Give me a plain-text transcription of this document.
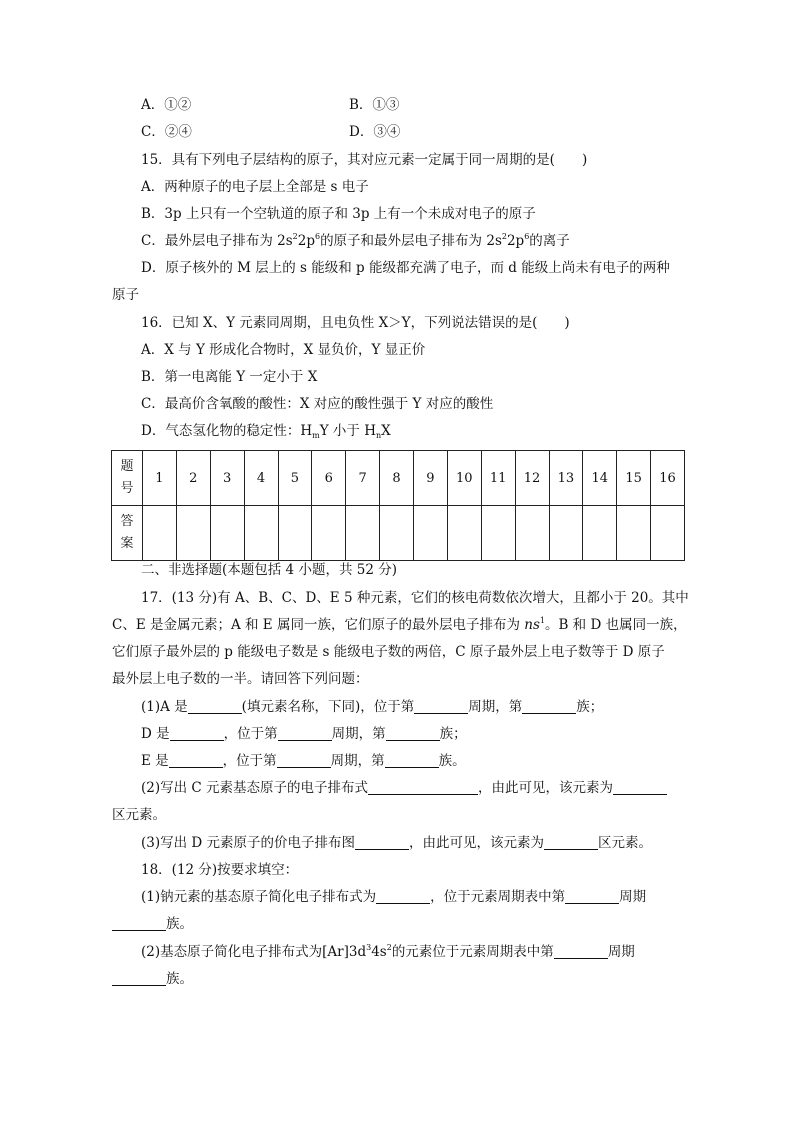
A．①②	B．①③
C．②④	D．③④
15．具有下列电子层结构的原子，其对应元素一定属于同一周期的是(　　)
A．两种原子的电子层上全部是 s 电子
B．3p 上只有一个空轨道的原子和 3p 上有一个未成对电子的原子
C．最外层电子排布为 $2s^22p^6$的原子和最外层电子排布为 $2s^22p^6$的离子
D．原子核外的 M 层上的 s 能级和 p 能级都充满了电子，而 d 能级上尚未有电子的两种
原子
16．已知 X、Y 元素同周期，且电负性 X＞Y，下列说法错误的是(　　)
A．X 与 Y 形成化合物时，X 显负价，Y 显正价
B．第一电离能 Y 一定小于 X
C．最高价含氧酸的酸性：X 对应的酸性强于 Y 对应的酸性
D．气态氢化物的稳定性：$H_mY$ 小于 $H_nX$
题
号	1	2	3	4	5	6	7	8	9	10	11	12	13	14	15	16

答
案																

二、非选择题(本题包括 4 小题，共 52 分)
17．(13 分)有 A、B、C、D、E 5 种元素，它们的核电荷数依次增大，且都小于 20。其中
C、E 是金属元素；A 和 E 属同一族，它们原子的最外层电子排布为 $ns^1$。B 和 D 也属同一族，
它们原子最外层的 p 能级电子数是 s 能级电子数的两倍，C 原子最外层上电子数等于 D 原子
最外层上电子数的一半。请回答下列问题：
(1)A 是	(填元素名称，下同)，位于第	周期，第	族；
D 是	，位于第	周期，第	族；
E 是	，位于第	周期，第	族。
(2)写出 C 元素基态原子的电子排布式	，由此可见，该元素为
区元素。
(3)写出 D 元素原子的价电子排布图	，由此可见，该元素为	区元素。
18．(12 分)按要求填空：
(1)钠元素的基态原子简化电子排布式为	，位于元素周期表中第	周期
族。
(2)基态原子简化电子排布式为$[Ar]3d^34s^2$的元素位于元素周期表中第	周期
族。
